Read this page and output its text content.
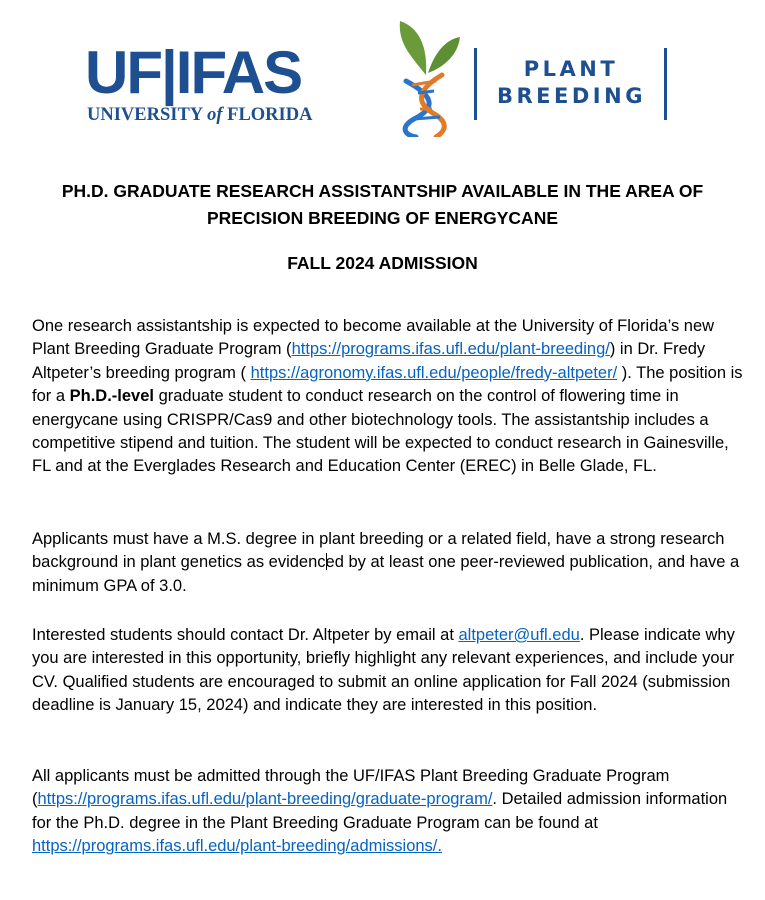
UF|IFAS
UNIVERSITY of FLORIDA
PLANT
BREEDING
PH.D. GRADUATE RESEARCH ASSISTANTSHIP AVAILABLE IN THE AREA OF
PRECISION BREEDING OF ENERGYCANE
FALL 2024 ADMISSION

One research assistantship is expected to become available at the University of Florida’s new Plant Breeding Graduate Program (https://programs.ifas.ufl.edu/plant-breeding/) in Dr. Fredy Altpeter’s breeding program ( https://agronomy.ifas.ufl.edu/people/fredy-altpeter/ ). The position is for a Ph.D.-level graduate student to conduct research on the control of flowering time in energycane using CRISPR/Cas9 and other biotechnology tools. The assistantship includes a competitive stipend and tuition. The student will be expected to conduct research in Gainesville, FL and at the Everglades Research and Education Center (EREC) in Belle Glade, FL.

Applicants must have a M.S. degree in plant breeding or a related field, have a strong research background in plant genetics as evidenced by at least one peer-reviewed publication, and have a minimum GPA of 3.0.

Interested students should contact Dr. Altpeter by email at altpeter@ufl.edu. Please indicate why you are interested in this opportunity, briefly highlight any relevant experiences, and include your CV. Qualified students are encouraged to submit an online application for Fall 2024 (submission deadline is January 15, 2024) and indicate they are interested in this position.

All applicants must be admitted through the UF/IFAS Plant Breeding Graduate Program (https://programs.ifas.ufl.edu/plant-breeding/graduate-program/. Detailed admission information for the Ph.D. degree in the Plant Breeding Graduate Program can be found at https://programs.ifas.ufl.edu/plant-breeding/admissions/.
